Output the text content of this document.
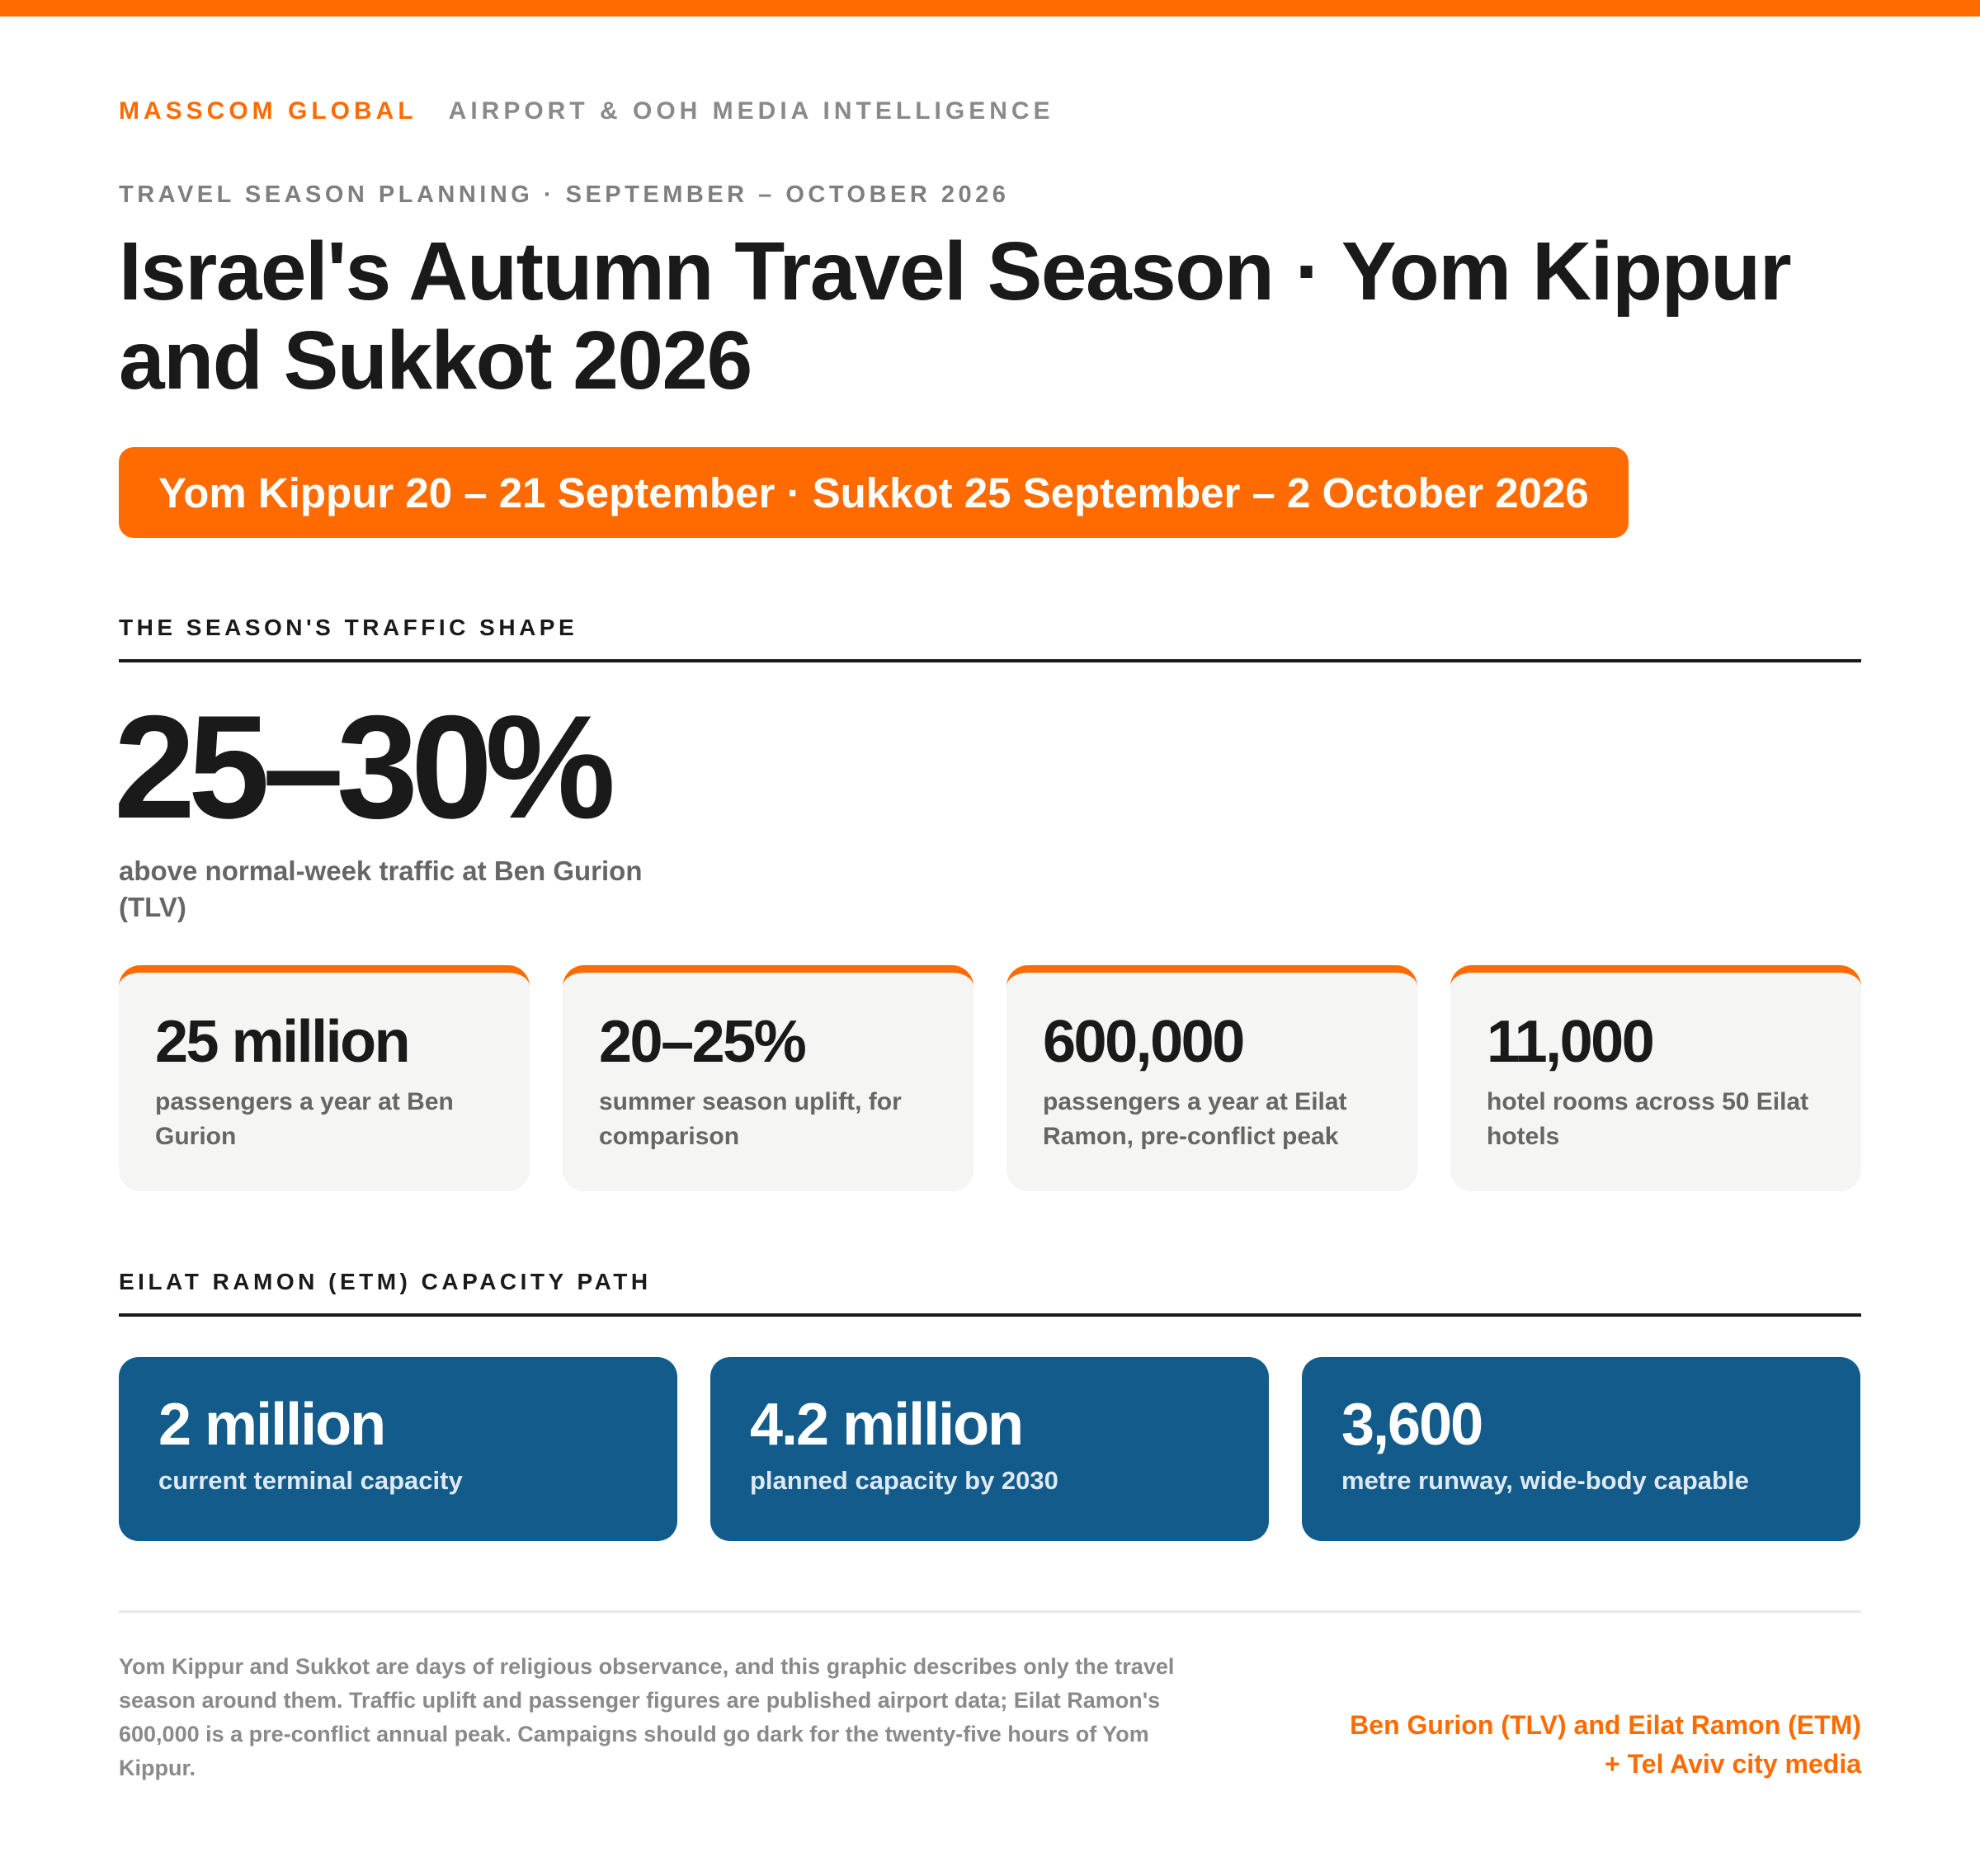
MASSCOM GLOBAL AIRPORT & OOH MEDIA INTELLIGENCE
TRAVEL SEASON PLANNING · SEPTEMBER – OCTOBER 2026
Israel's Autumn Travel Season · Yom Kippur and Sukkot 2026
Yom Kippur 20 – 21 September · Sukkot 25 September – 2 October 2026
THE SEASON'S TRAFFIC SHAPE
25–30%
above normal-week traffic at Ben Gurion (TLV)
25 million
passengers a year at Ben Gurion
20–25%
summer season uplift, for comparison
600,000
passengers a year at Eilat Ramon, pre-conflict peak
11,000
hotel rooms across 50 Eilat hotels
EILAT RAMON (ETM) CAPACITY PATH
2 million
current terminal capacity
4.2 million
planned capacity by 2030
3,600
metre runway, wide-body capable

Yom Kippur and Sukkot are days of religious observance, and this graphic describes only the travel season around them. Traffic uplift and passenger figures are published airport data; Eilat Ramon's 600,000 is a pre-conflict annual peak. Campaigns should go dark for the twenty-five hours of Yom Kippur.

Ben Gurion (TLV) and Eilat Ramon (ETM) + Tel Aviv city media
